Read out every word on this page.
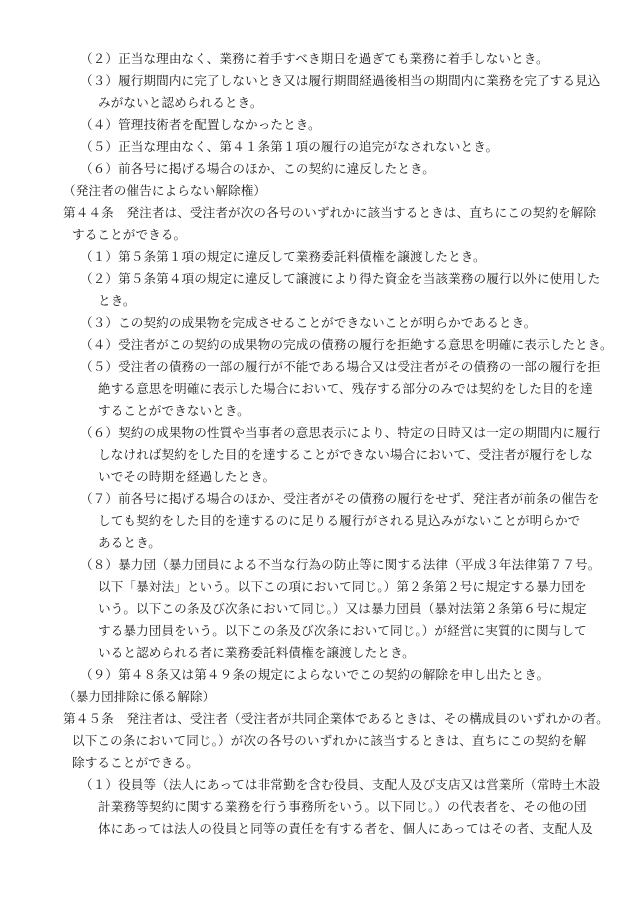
（２）正当な理由なく、業務に着手すべき期日を過ぎても業務に着手しないとき。
（３）履行期間内に完了しないとき又は履行期間経過後相当の期間内に業務を完了する見込
みがないと認められるとき。
（４）管理技術者を配置しなかったとき。
（５）正当な理由なく、第４１条第１項の履行の追完がなされないとき。
（６）前各号に掲げる場合のほか、この契約に違反したとき。
（発注者の催告によらない解除権）
第４４条　発注者は、受注者が次の各号のいずれかに該当するときは、直ちにこの契約を解除
することができる。
（１）第５条第１項の規定に違反して業務委託料債権を譲渡したとき。
（２）第５条第４項の規定に違反して譲渡により得た資金を当該業務の履行以外に使用した
とき。
（３）この契約の成果物を完成させることができないことが明らかであるとき。
（４）受注者がこの契約の成果物の完成の債務の履行を拒絶する意思を明確に表示したとき。
（５）受注者の債務の一部の履行が不能である場合又は受注者がその債務の一部の履行を拒
絶する意思を明確に表示した場合において、残存する部分のみでは契約をした目的を達
することができないとき。
（６）契約の成果物の性質や当事者の意思表示により、特定の日時又は一定の期間内に履行
しなければ契約をした目的を達することができない場合において、受注者が履行をしな
いでその時期を経過したとき。
（７）前各号に掲げる場合のほか、受注者がその債務の履行をせず、発注者が前条の催告を
しても契約をした目的を達するのに足りる履行がされる見込みがないことが明らかで
あるとき。
（８）暴力団（暴力団員による不当な行為の防止等に関する法律（平成３年法律第７７号。
以下「暴対法」という。以下この項において同じ。）第２条第２号に規定する暴力団を
いう。以下この条及び次条において同じ。）又は暴力団員（暴対法第２条第６号に規定
する暴力団員をいう。以下この条及び次条において同じ。）が経営に実質的に関与して
いると認められる者に業務委託料債権を譲渡したとき。
（９）第４８条又は第４９条の規定によらないでこの契約の解除を申し出たとき。
（暴力団排除に係る解除）
第４５条　発注者は、受注者（受注者が共同企業体であるときは、その構成員のいずれかの者。
以下この条において同じ。）が次の各号のいずれかに該当するときは、直ちにこの契約を解
除することができる。
（１）役員等（法人にあっては非常勤を含む役員、支配人及び支店又は営業所（常時土木設
計業務等契約に関する業務を行う事務所をいう。以下同じ。）の代表者を、その他の団
体にあっては法人の役員と同等の責任を有する者を、個人にあってはその者、支配人及
